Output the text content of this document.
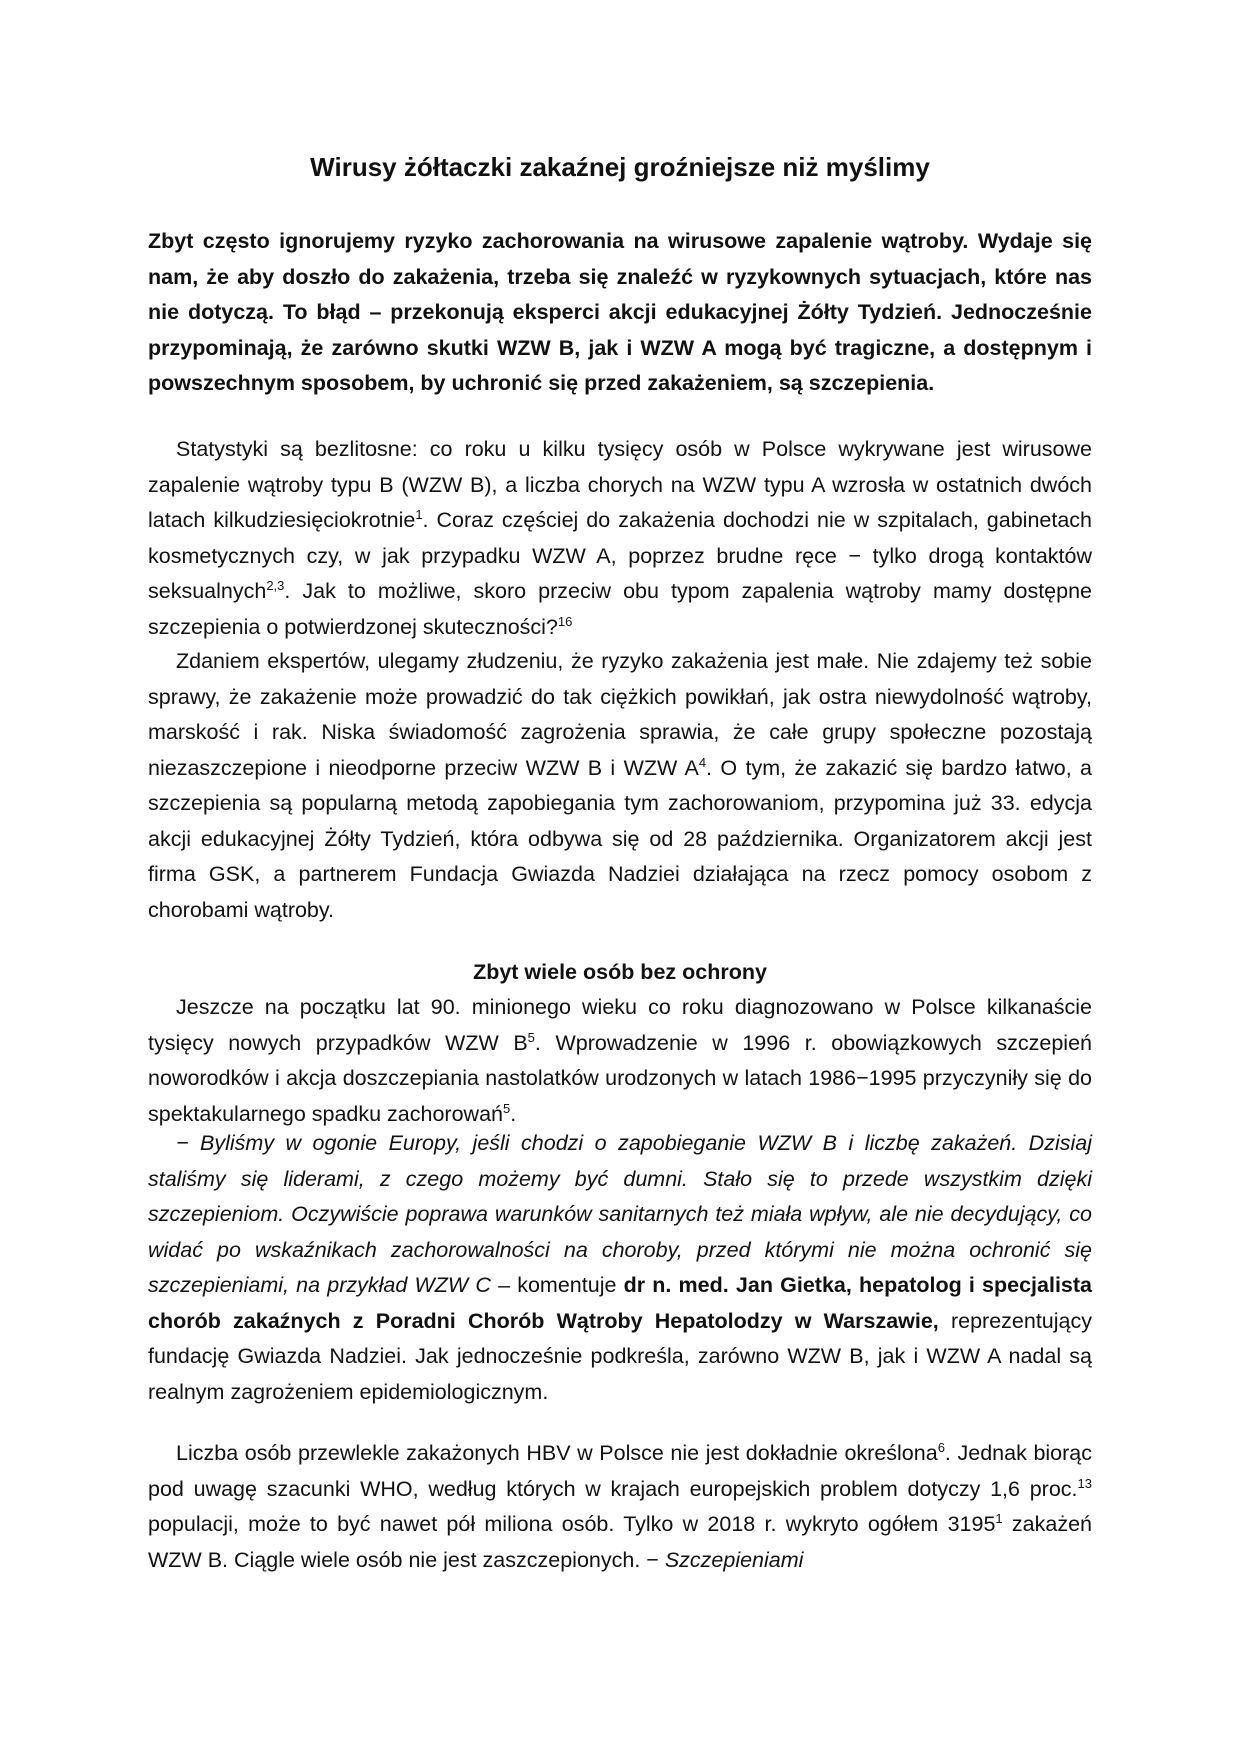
Wirusy żółtaczki zakaźnej groźniejsze niż myślimy

Zbyt często ignorujemy ryzyko zachorowania na wirusowe zapalenie wątroby. Wydaje się nam, że aby doszło do zakażenia, trzeba się znaleźć w ryzykownych sytuacjach, które nas nie dotyczą. To błąd – przekonują eksperci akcji edukacyjnej Żółty Tydzień. Jednocześnie przypominają, że zarówno skutki WZW B, jak i WZW A mogą być tragiczne, a dostępnym i powszechnym sposobem, by uchronić się przed zakażeniem, są szczepienia.

Statystyki są bezlitosne: co roku u kilku tysięcy osób w Polsce wykrywane jest wirusowe zapalenie wątroby typu B (WZW B), a liczba chorych na WZW typu A wzrosła w ostatnich dwóch latach kilkudziesięciokrotnie$^1$. Coraz częściej do zakażenia dochodzi nie w szpitalach, gabinetach kosmetycznych czy, w jak przypadku WZW A, poprzez brudne ręce − tylko drogą kontaktów seksualnych$^{2,3}$. Jak to możliwe, skoro przeciw obu typom zapalenia wątroby mamy dostępne szczepienia o potwierdzonej skuteczności?$^{16}$

Zdaniem ekspertów, ulegamy złudzeniu, że ryzyko zakażenia jest małe. Nie zdajemy też sobie sprawy, że zakażenie może prowadzić do tak ciężkich powikłań, jak ostra niewydolność wątroby, marskość i rak. Niska świadomość zagrożenia sprawia, że całe grupy społeczne pozostają niezaszczepione i nieodporne przeciw WZW B i WZW $A^4$. O tym, że zakazić się bardzo łatwo, a szczepienia są popularną metodą zapobiegania tym zachorowaniom, przypomina już 33. edycja akcji edukacyjnej Żółty Tydzień, która odbywa się od 28 października. Organizatorem akcji jest firma GSK, a partnerem Fundacja Gwiazda Nadziei działająca na rzecz pomocy osobom z chorobami wątroby.

Zbyt wiele osób bez ochrony

Jeszcze na początku lat 90. minionego wieku co roku diagnozowano w Polsce kilkanaście tysięcy nowych przypadków WZW $B^5$. Wprowadzenie w 1996 r. obowiązkowych szczepień noworodków i akcja doszczepiania nastolatków urodzonych w latach 1986−1995 przyczyniły się do spektakularnego spadku zachorowań$^5$.

− Byliśmy w ogonie Europy, jeśli chodzi o zapobieganie WZW B i liczbę zakażeń. Dzisiaj staliśmy się liderami, z czego możemy być dumni. Stało się to przede wszystkim dzięki szczepieniom. Oczywiście poprawa warunków sanitarnych też miała wpływ, ale nie decydujący, co widać po wskaźnikach zachorowalności na choroby, przed którymi nie można ochronić się szczepieniami, na przykład WZW C – komentuje dr n. med. Jan Gietka, hepatolog i specjalista chorób zakaźnych z Poradni Chorób Wątroby Hepatolodzy w Warszawie, reprezentujący fundację Gwiazda Nadziei. Jak jednocześnie podkreśla, zarówno WZW B, jak i WZW A nadal są realnym zagrożeniem epidemiologicznym.

Liczba osób przewlekle zakażonych HBV w Polsce nie jest dokładnie określona$^6$. Jednak biorąc pod uwagę szacunki WHO, według których w krajach europejskich problem dotyczy 1,6 proc.$^{13}$ populacji, może to być nawet pół miliona osób. Tylko w 2018 r. wykryto ogółem 3195$^1$ zakażeń WZW B. Ciągle wiele osób nie jest zaszczepionych. − Szczepieniami
